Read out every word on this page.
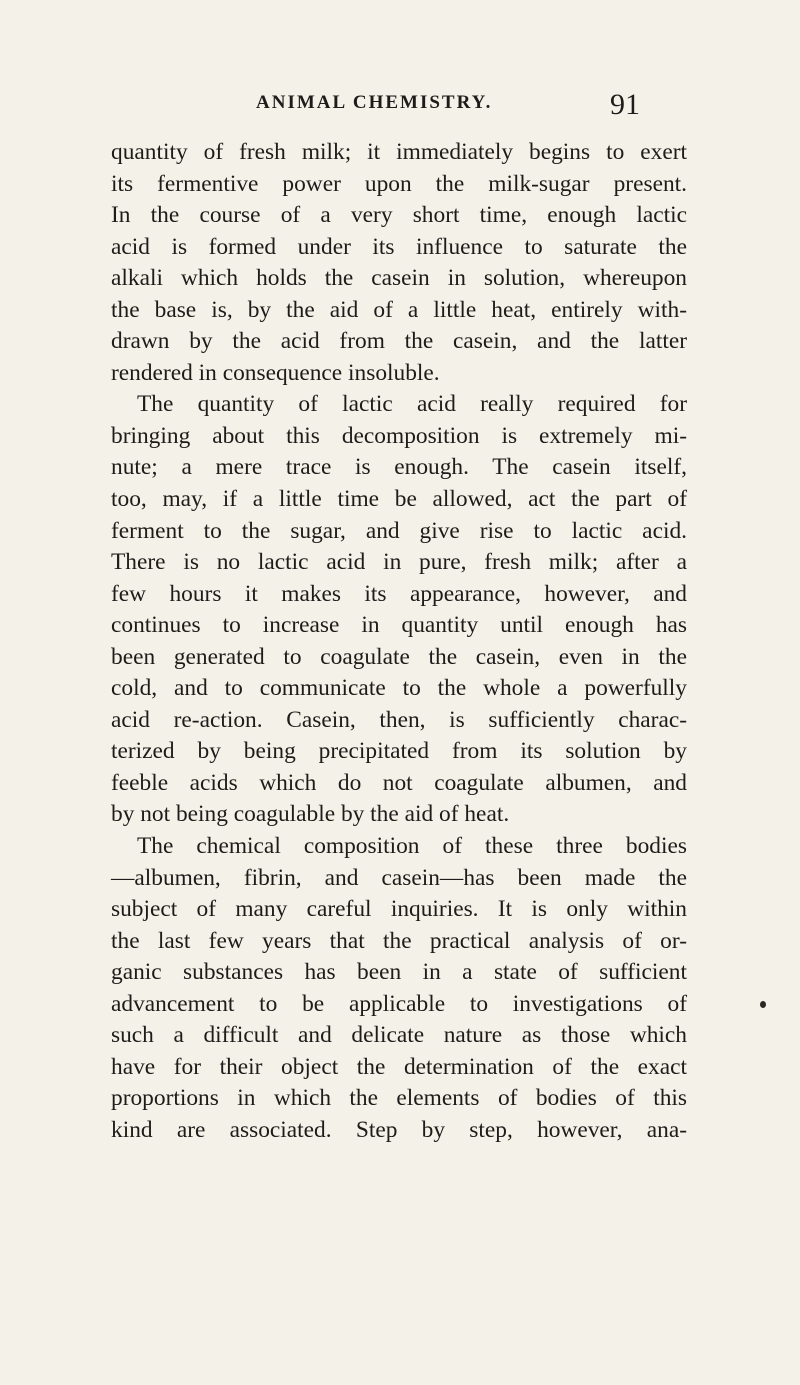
ANIMAL CHEMISTRY.	91
quantity of fresh milk; it immediately begins to exert
its fermentive power upon the milk-sugar present.
In the course of a very short time, enough lactic
acid is formed under its influence to saturate the
alkali which holds the casein in solution, whereupon
the base is, by the aid of a little heat, entirely with-
drawn by the acid from the casein, and the latter
rendered in consequence insoluble.
The quantity of lactic acid really required for
bringing about this decomposition is extremely mi-
nute; a mere trace is enough. The casein itself,
too, may, if a little time be allowed, act the part of
ferment to the sugar, and give rise to lactic acid.
There is no lactic acid in pure, fresh milk; after a
few hours it makes its appearance, however, and
continues to increase in quantity until enough has
been generated to coagulate the casein, even in the
cold, and to communicate to the whole a powerfully
acid re-action. Casein, then, is sufficiently charac-
terized by being precipitated from its solution by
feeble acids which do not coagulate albumen, and
by not being coagulable by the aid of heat.
The chemical composition of these three bodies
—albumen, fibrin, and casein—has been made the
subject of many careful inquiries. It is only within
the last few years that the practical analysis of or-
ganic substances has been in a state of sufficient
advancement to be applicable to investigations of
such a difficult and delicate nature as those which
have for their object the determination of the exact
proportions in which the elements of bodies of this
kind are associated. Step by step, however, ana-
